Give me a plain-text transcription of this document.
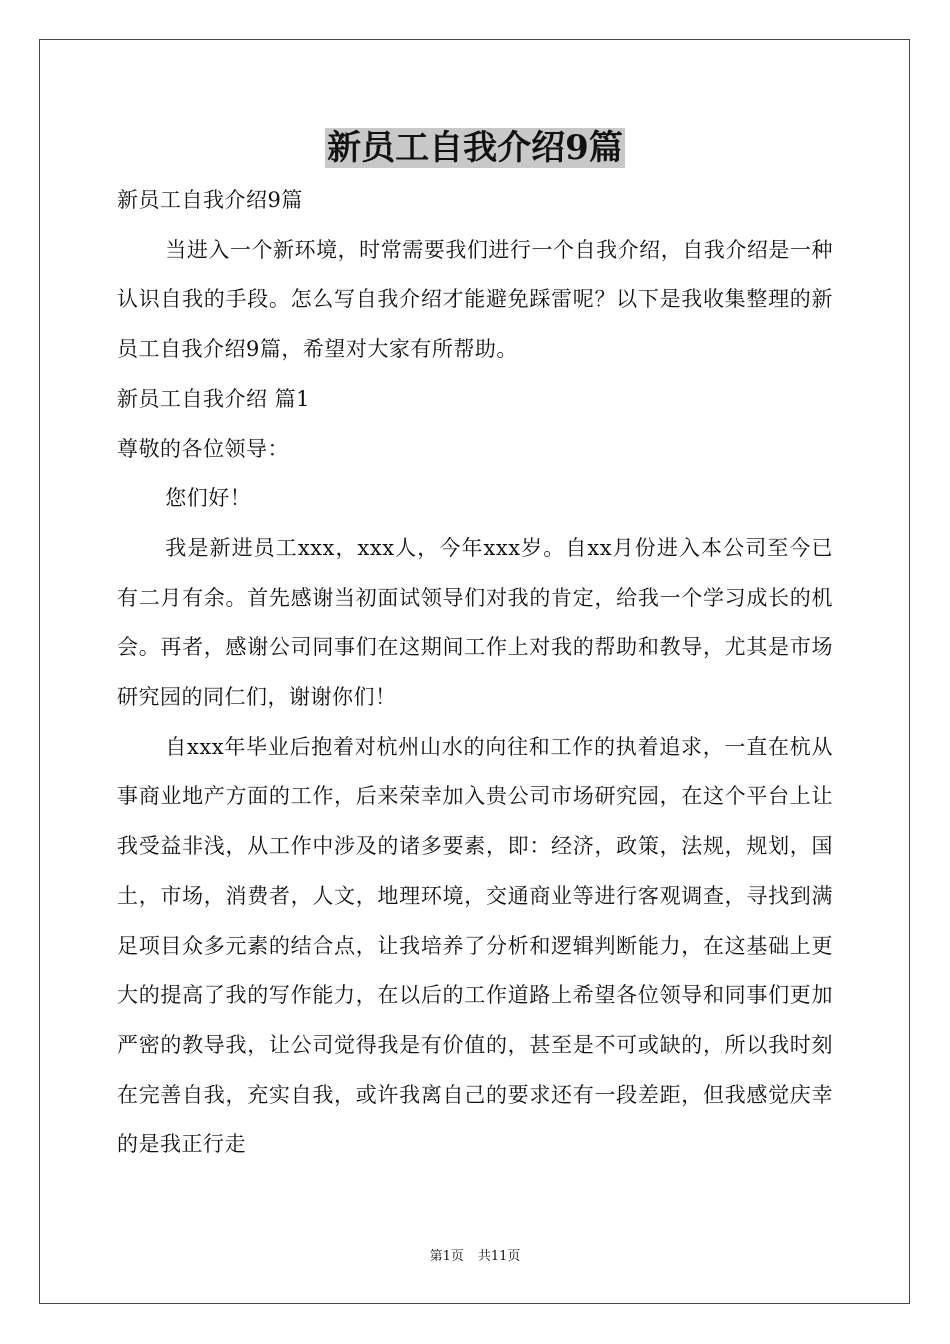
新员工自我介绍9篇

新员工自我介绍9篇

当进入一个新环境，时常需要我们进行一个自我介绍，自我介绍是一种认识自我的手段。怎么写自我介绍才能避免踩雷呢？以下是我收集整理的新员工自我介绍9篇，希望对大家有所帮助。

新员工自我介绍 篇1

尊敬的各位领导：

您们好！

我是新进员工xxx，xxx人，今年xxx岁。自xx月份进入本公司至今已有二月有余。首先感谢当初面试领导们对我的肯定，给我一个学习成长的机会。再者，感谢公司同事们在这期间工作上对我的帮助和教导，尤其是市场研究园的同仁们，谢谢你们！

自xxx年毕业后抱着对杭州山水的向往和工作的执着追求，一直在杭从事商业地产方面的工作，后来荣幸加入贵公司市场研究园，在这个平台上让我受益非浅，从工作中涉及的诸多要素，即：经济，政策，法规，规划，国土，市场，消费者，人文，地理环境，交通商业等进行客观调查，寻找到满足项目众多元素的结合点，让我培养了分析和逻辑判断能力，在这基础上更大的提高了我的写作能力，在以后的工作道路上希望各位领导和同事们更加严密的教导我，让公司觉得我是有价值的，甚至是不可或缺的，所以我时刻在完善自我，充实自我，或许我离自己的要求还有一段差距，但我感觉庆幸的是我正行走

第1页 共11页
